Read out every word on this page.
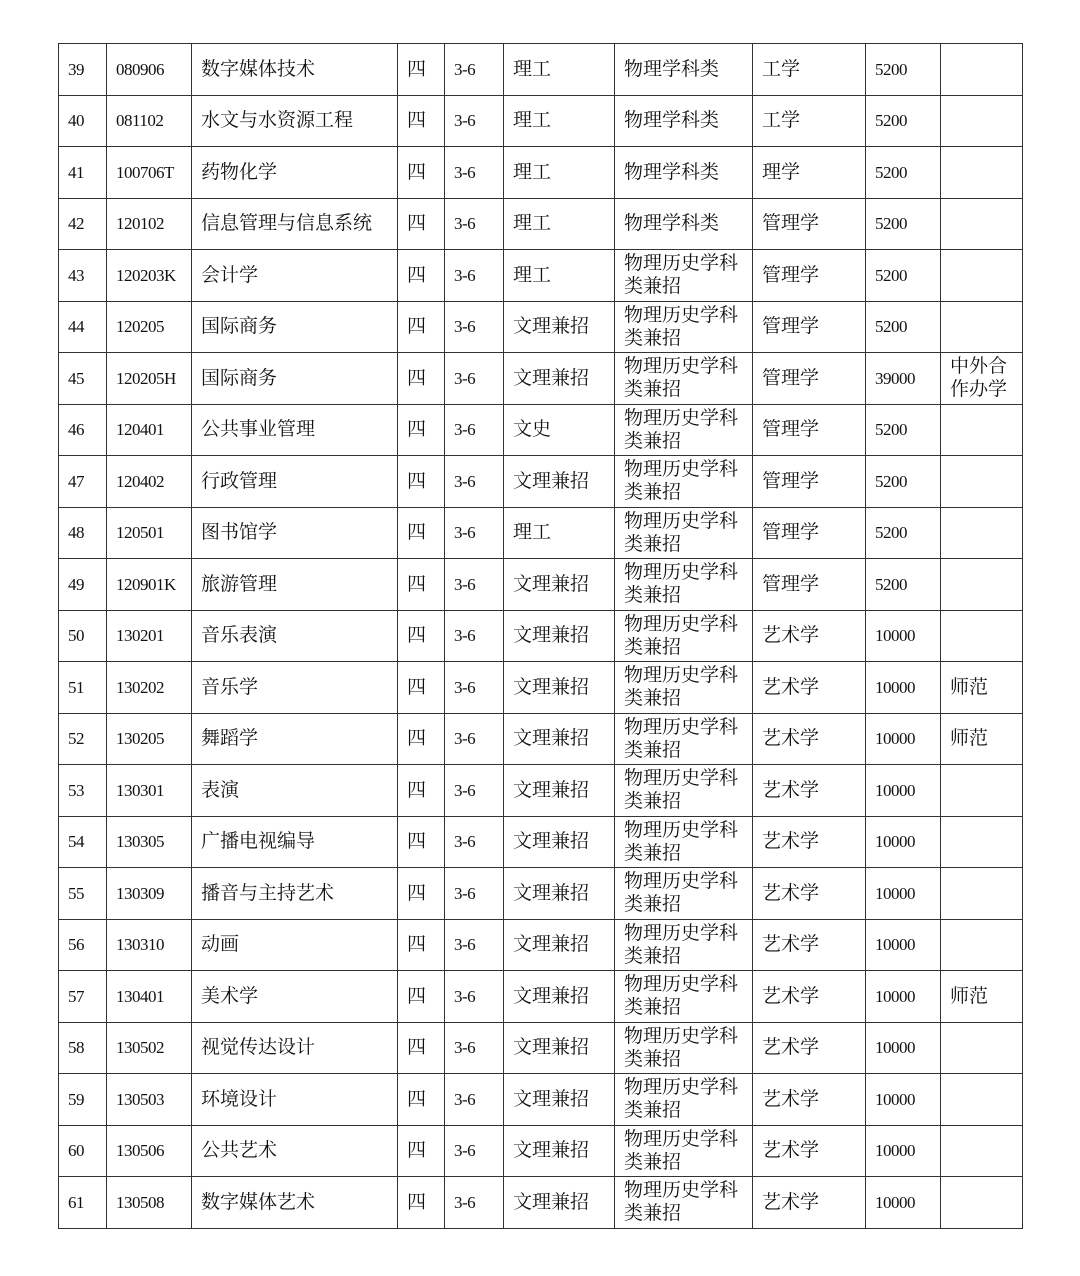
39	080906	数字媒体技术	四	3-6	理工	物理学科类	工学	5200	
40	081102	水文与水资源工程	四	3-6	理工	物理学科类	工学	5200	
41	100706T	药物化学	四	3-6	理工	物理学科类	理学	5200	
42	120102	信息管理与信息系统	四	3-6	理工	物理学科类	管理学	5200	
43	120203K	会计学	四	3-6	理工	物理历史学科类兼招	管理学	5200	
44	120205	国际商务	四	3-6	文理兼招	物理历史学科类兼招	管理学	5200	
45	120205H	国际商务	四	3-6	文理兼招	物理历史学科类兼招	管理学	39000	中外合作办学
46	120401	公共事业管理	四	3-6	文史	物理历史学科类兼招	管理学	5200	
47	120402	行政管理	四	3-6	文理兼招	物理历史学科类兼招	管理学	5200	
48	120501	图书馆学	四	3-6	理工	物理历史学科类兼招	管理学	5200	
49	120901K	旅游管理	四	3-6	文理兼招	物理历史学科类兼招	管理学	5200	
50	130201	音乐表演	四	3-6	文理兼招	物理历史学科类兼招	艺术学	10000	
51	130202	音乐学	四	3-6	文理兼招	物理历史学科类兼招	艺术学	10000	师范
52	130205	舞蹈学	四	3-6	文理兼招	物理历史学科类兼招	艺术学	10000	师范
53	130301	表演	四	3-6	文理兼招	物理历史学科类兼招	艺术学	10000	
54	130305	广播电视编导	四	3-6	文理兼招	物理历史学科类兼招	艺术学	10000	
55	130309	播音与主持艺术	四	3-6	文理兼招	物理历史学科类兼招	艺术学	10000	
56	130310	动画	四	3-6	文理兼招	物理历史学科类兼招	艺术学	10000	
57	130401	美术学	四	3-6	文理兼招	物理历史学科类兼招	艺术学	10000	师范
58	130502	视觉传达设计	四	3-6	文理兼招	物理历史学科类兼招	艺术学	10000	
59	130503	环境设计	四	3-6	文理兼招	物理历史学科类兼招	艺术学	10000	
60	130506	公共艺术	四	3-6	文理兼招	物理历史学科类兼招	艺术学	10000	
61	130508	数字媒体艺术	四	3-6	文理兼招	物理历史学科类兼招	艺术学	10000	
